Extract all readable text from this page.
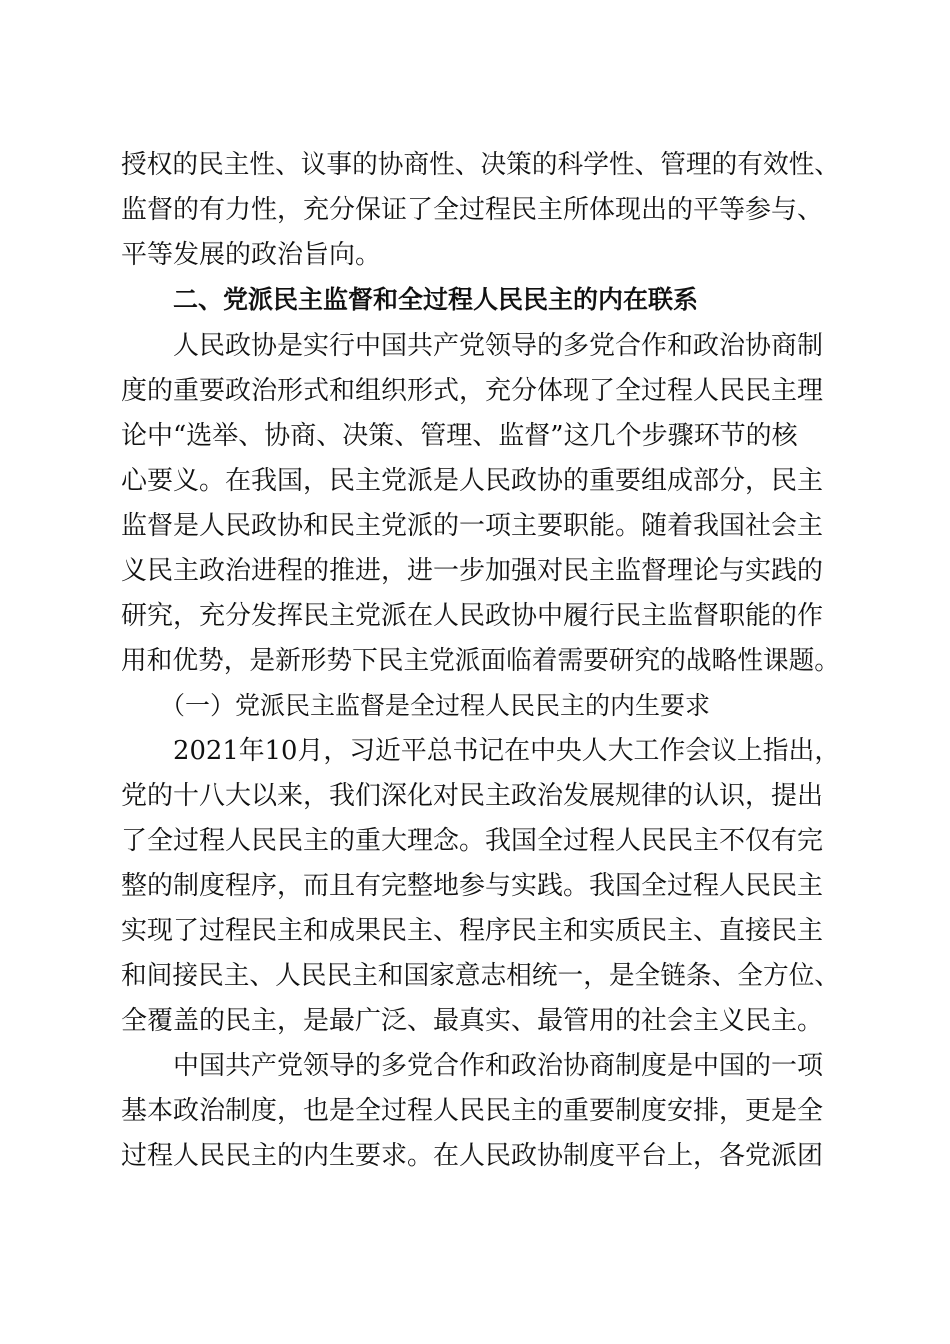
授权的民主性、议事的协商性、决策的科学性、管理的有效性、
监督的有力性，充分保证了全过程民主所体现出的平等参与、
平等发展的政治旨向。
二、党派民主监督和全过程人民民主的内在联系
人民政协是实行中国共产党领导的多党合作和政治协商制
度的重要政治形式和组织形式，充分体现了全过程人民民主理
论中“选举、协商、决策、管理、监督”这几个步骤环节的核
心要义。在我国，民主党派是人民政协的重要组成部分，民主
监督是人民政协和民主党派的一项主要职能。随着我国社会主
义民主政治进程的推进，进一步加强对民主监督理论与实践的
研究，充分发挥民主党派在人民政协中履行民主监督职能的作
用和优势，是新形势下民主党派面临着需要研究的战略性课题。
（一）党派民主监督是全过程人民民主的内生要求
2021年10月，习近平总书记在中央人大工作会议上指出，
党的十八大以来，我们深化对民主政治发展规律的认识，提出
了全过程人民民主的重大理念。我国全过程人民民主不仅有完
整的制度程序，而且有完整地参与实践。我国全过程人民民主
实现了过程民主和成果民主、程序民主和实质民主、直接民主
和间接民主、人民民主和国家意志相统一，是全链条、全方位、
全覆盖的民主，是最广泛、最真实、最管用的社会主义民主。
中国共产党领导的多党合作和政治协商制度是中国的一项
基本政治制度，也是全过程人民民主的重要制度安排，更是全
过程人民民主的内生要求。在人民政协制度平台上，各党派团
